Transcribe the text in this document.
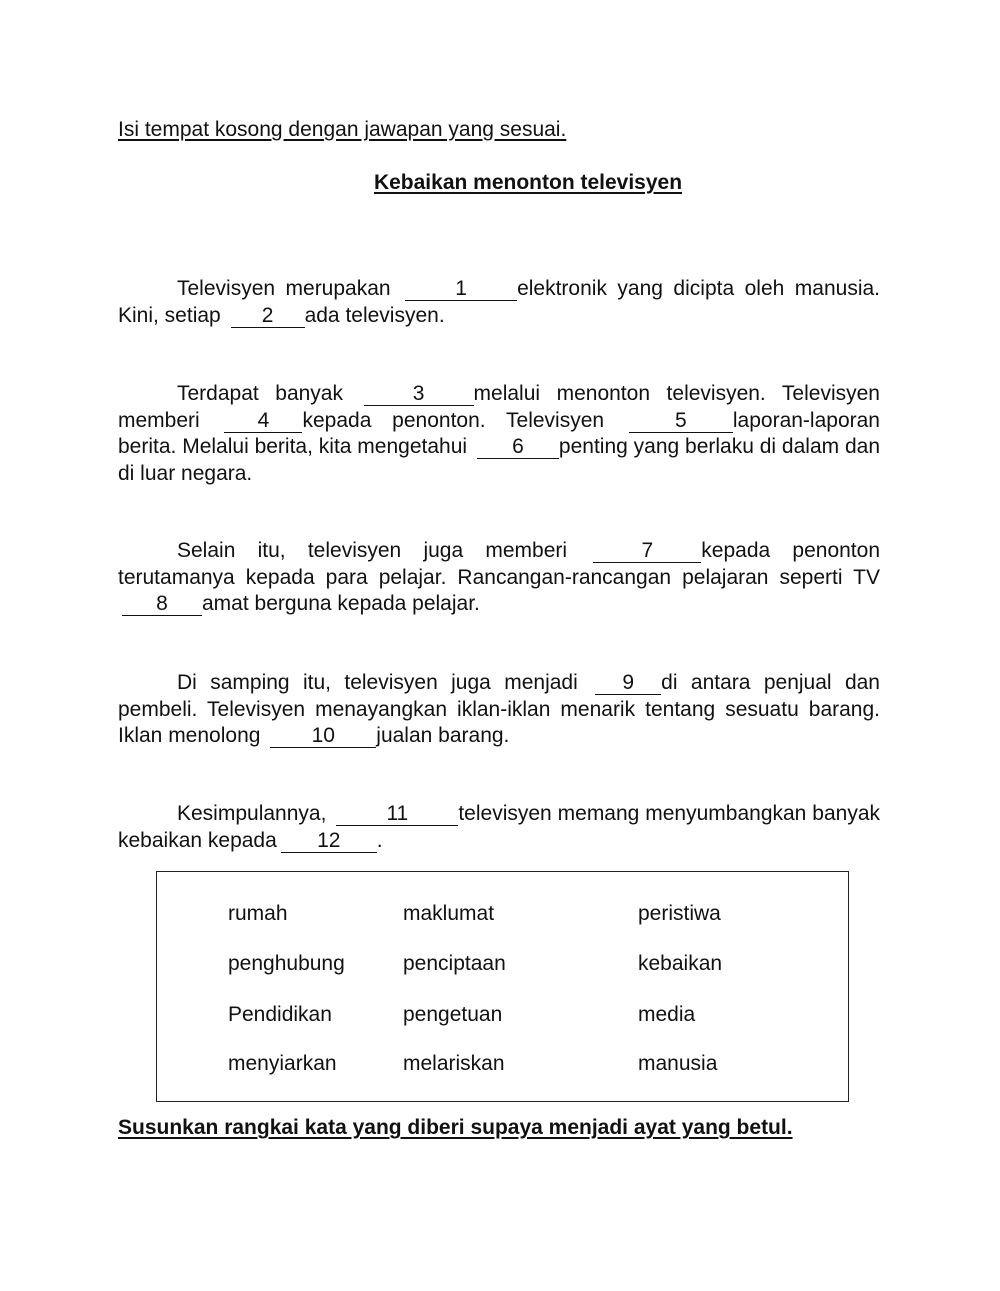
Isi tempat kosong dengan jawapan yang sesuai.
Kebaikan menonton televisyen
Televisyen merupakan	1 elektronik yang dicipta oleh manusia. Kini, setiap 2 ada televisyen.
Terdapat banyak	3 melalui menonton televisyen. Televisyen memberi	4 kepada penonton. Televisyen	5 laporan-laporan berita. Melalui berita, kita mengetahui 6 penting yang berlaku di dalam dan di luar negara.
Selain itu, televisyen juga memberi	7 kepada penonton terutamanya kepada para pelajar. Rancangan-rancangan pelajaran seperti TV 8 amat berguna kepada pelajar.
Di samping itu, televisyen juga menjadi 9 di antara penjual dan pembeli. Televisyen menayangkan iklan-iklan menarik tentang sesuatu barang. Iklan menolong 10 jualan barang.
Kesimpulannya,	11 televisyen memang menyumbangkan banyak kebaikan kepada 12 .
rumah	maklumat	peristiwa
penghubung	penciptaan	kebaikan
Pendidikan	pengetuan	media
menyiarkan	melariskan	manusia
Susunkan rangkai kata yang diberi supaya menjadi ayat yang betul.
